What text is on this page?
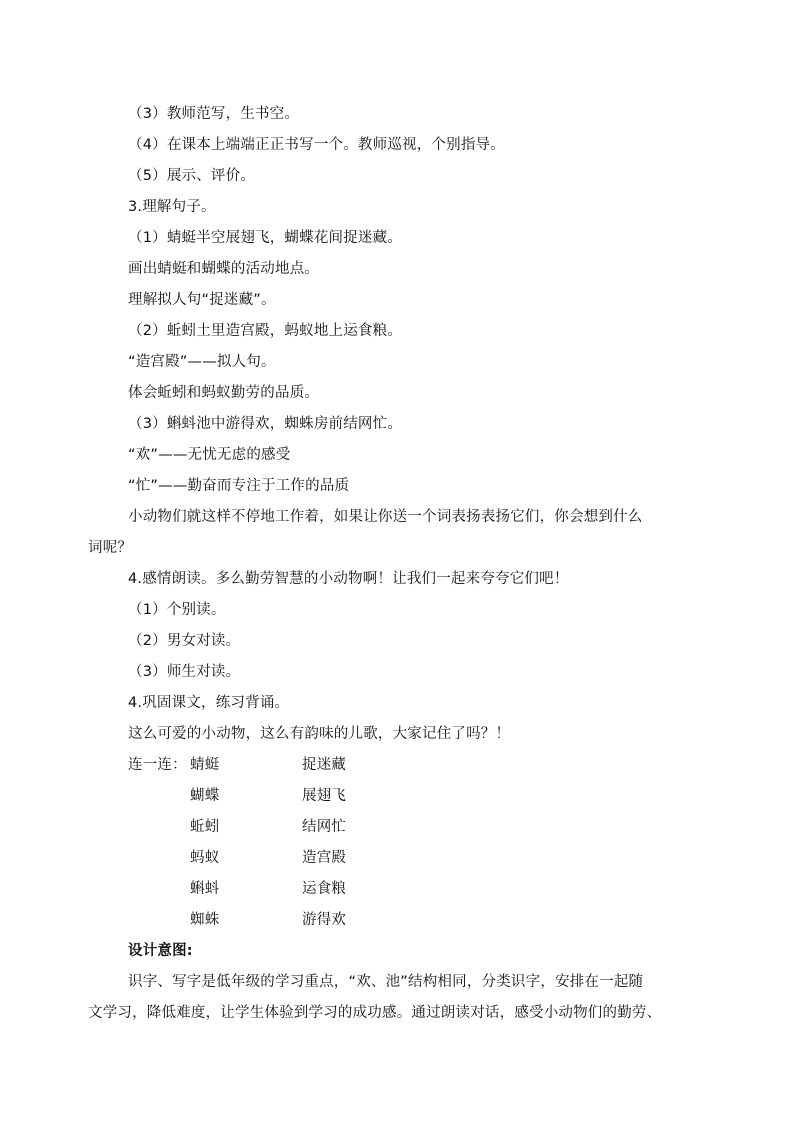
（3）教师范写，生书空。
（4）在课本上端端正正书写一个。教师巡视，个别指导。
（5）展示、评价。
3.理解句子。
（1）蜻蜓半空展翅飞，蝴蝶花间捉迷藏。
画出蜻蜓和蝴蝶的活动地点。
理解拟人句“捉迷藏”。
（2）蚯蚓土里造宫殿，蚂蚁地上运食粮。
“造宫殿”——拟人句。
体会蚯蚓和蚂蚁勤劳的品质。
（3）蝌蚪池中游得欢，蜘蛛房前结网忙。
“欢”——无忧无虑的感受
“忙”——勤奋而专注于工作的品质
小动物们就这样不停地工作着，如果让你送一个词表扬表扬它们，你会想到什么
词呢？
4.感情朗读。多么勤劳智慧的小动物啊！让我们一起来夸夸它们吧！
（1）个别读。
（2）男女对读。
（3）师生对读。
4.巩固课文，练习背诵。
这么可爱的小动物，这么有韵味的儿歌，大家记住了吗？！
连一连： 蜻蜓	捉迷藏
蝴蝶	展翅飞
蚯蚓	结网忙
蚂蚁	造宫殿
蝌蚪	运食粮
蜘蛛	游得欢
设计意图:
识字、写字是低年级的学习重点，“欢、池”结构相同，分类识字，安排在一起随
文学习，降低难度，让学生体验到学习的成功感。通过朗读对话，感受小动物们的勤劳、
